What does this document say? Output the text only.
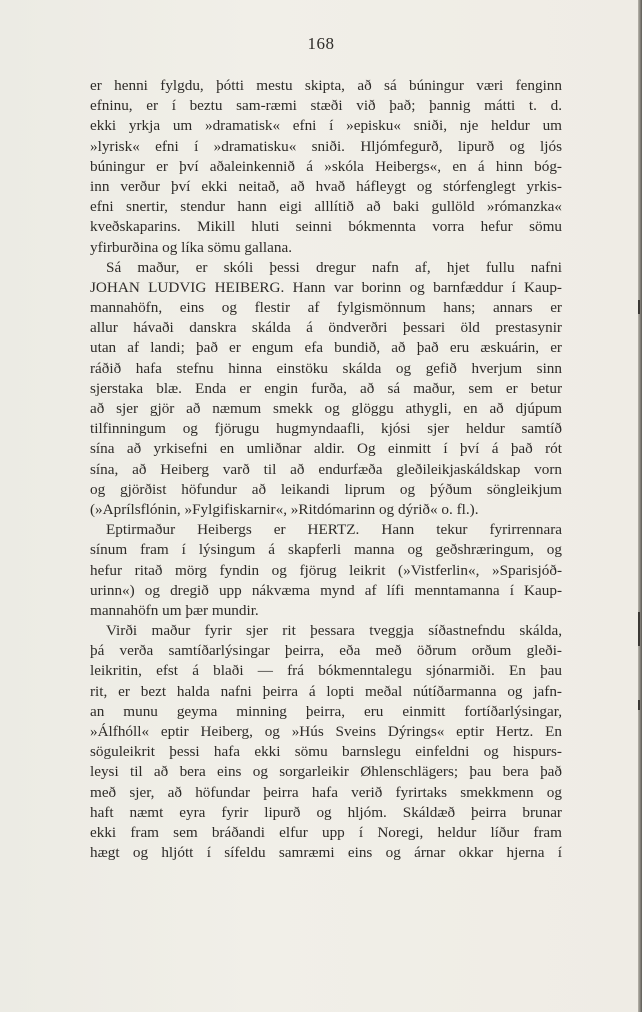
168
er henni fylgdu, þótti mestu skipta, að sá búningur væri fenginn
efninu, er í beztu sam-ræmi stæði við það; þannig mátti t. d.
ekki yrkja um »dramatisk« efni í »episku« sniði, nje heldur um
»lyrisk« efni í »dramatisku« sniði. Hljómfegurð, lipurð og ljós
búningur er því aðaleinkennið á »skóla Heibergs«, en á hinn bóg-
inn verður því ekki neitað, að hvað háfleygt og stórfenglegt yrkis-
efni snertir, stendur hann eigi alllítið að baki gullöld »rómanzka«
kveðskaparins. Mikill hluti seinni bókmennta vorra hefur sömu
yfirburðina og líka sömu gallana.
Sá maður, er skóli þessi dregur nafn af, hjet fullu nafni
JOHAN LUDVIG HEIBERG. Hann var borinn og barnfæddur í Kaup-
mannahöfn, eins og flestir af fylgismönnum hans; annars er
allur hávaði danskra skálda á öndverðri þessari öld prestasynir
utan af landi; það er engum efa bundið, að það eru æskuárin, er
ráðið hafa stefnu hinna einstöku skálda og gefið hverjum sinn
sjerstaka blæ. Enda er engin furða, að sá maður, sem er betur
að sjer gjör að næmum smekk og glöggu athygli, en að djúpum
tilfinningum og fjörugu hugmyndaafli, kjósi sjer heldur samtíð
sína að yrkisefni en umliðnar aldir. Og einmitt í því á það rót
sína, að Heiberg varð til að endurfæða gleðileikjaskáldskap vorn
og gjörðist höfundur að leikandi liprum og þýðum söngleikjum
(»Aprílsflónin, »Fylgifiskarnir«, »Ritdómarinn og dýrið« o. fl.).
Eptirmaður Heibergs er HERTZ. Hann tekur fyrirrennara
sínum fram í lýsingum á skapferli manna og geðshræringum, og
hefur ritað mörg fyndin og fjörug leikrit (»Vistferlin«, »Sparisjóð-
urinn«) og dregið upp nákvæma mynd af lífi menntamanna í Kaup-
mannahöfn um þær mundir.
Virði maður fyrir sjer rit þessara tveggja síðastnefndu skálda,
þá verða samtíðarlýsingar þeirra, eða með öðrum orðum gleði-
leikritin, efst á blaði — frá bókmenntalegu sjónarmiði. En þau
rit, er bezt halda nafni þeirra á lopti meðal nútíðarmanna og jafn-
an munu geyma minning þeirra, eru einmitt fortíðarlýsingar,
»Álfhóll« eptir Heiberg, og »Hús Sveins Dýrings« eptir Hertz. En
söguleikrit þessi hafa ekki sömu barnslegu einfeldni og hispurs-
leysi til að bera eins og sorgarleikir Øhlenschlägers; þau bera það
með sjer, að höfundar þeirra hafa verið fyrirtaks smekkmenn og
haft næmt eyra fyrir lipurð og hljóm. Skáldæð þeirra brunar
ekki fram sem bráðandi elfur upp í Noregi, heldur líður fram
hægt og hljótt í sífeldu samræmi eins og árnar okkar hjerna í
